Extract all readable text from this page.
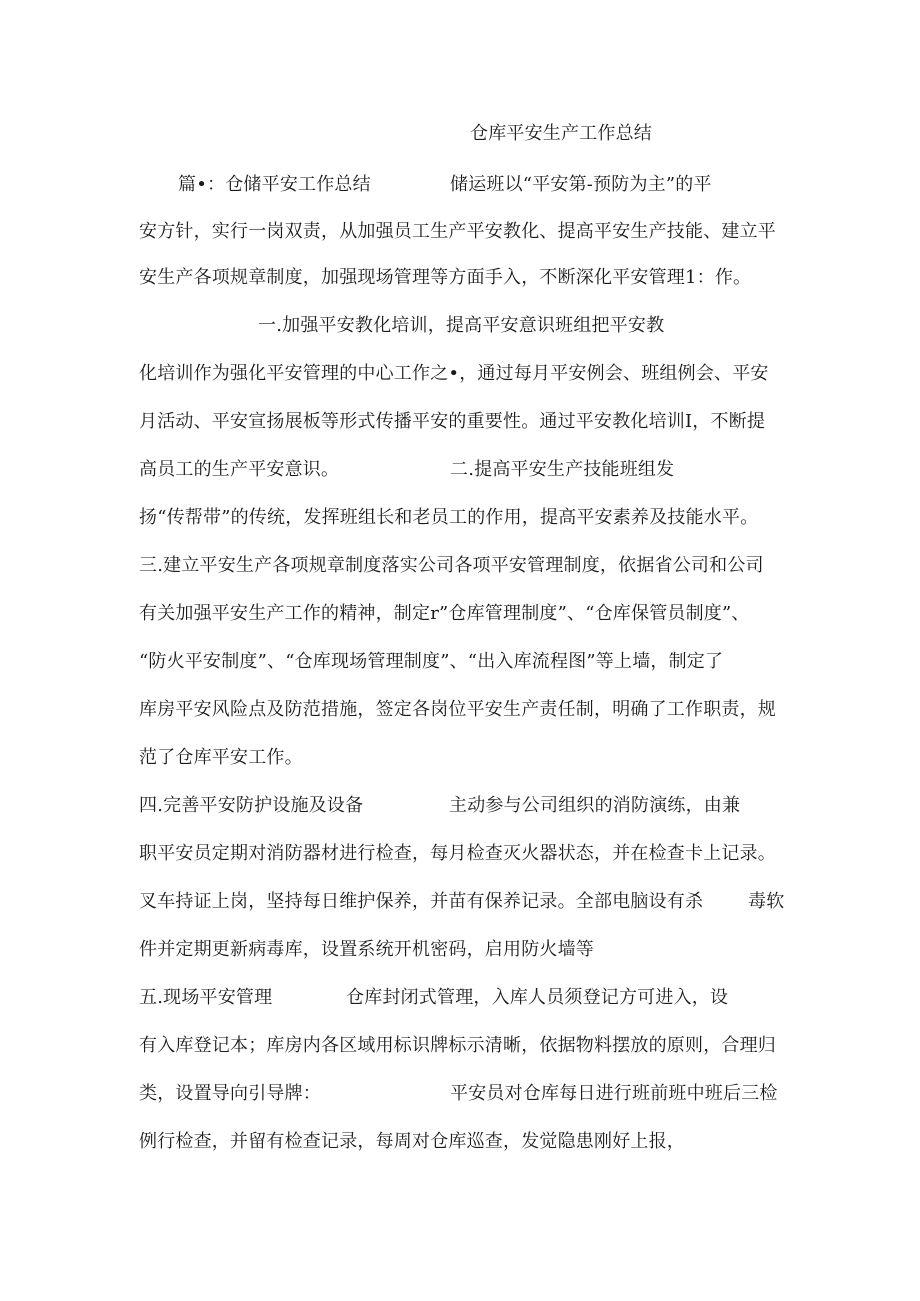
仓库平安生产工作总结

篇•：仓储平安工作总结	储运班以“平安第-预防为主”的平

安方针，实行一岗双责，从加强员工生产平安教化、提高平安生产技能、建立平

安生产各项规章制度，加强现场管理等方面手入，不断深化平安管理1：作。

一.加强平安教化培训，提高平安意识班组把平安教

化培训作为强化平安管理的中心工作之•，通过每月平安例会、班组例会、平安

月活动、平安宣扬展板等形式传播平安的重要性。通过平安教化培训I，不断提

高员工的生产平安意识。	二.提高平安生产技能班组发

扬“传帮带”的传统，发挥班组长和老员工的作用，提高平安素养及技能水平。

三.建立平安生产各项规章制度落实公司各项平安管理制度，依据省公司和公司

有关加强平安生产工作的精神，制定r”仓库管理制度”、“仓库保管员制度”、

“防火平安制度”、“仓库现场管理制度”、“出入库流程图”等上墙，制定了

库房平安风险点及防范措施，签定各岗位平安生产责任制，明确了工作职责，规

范了仓库平安工作。

四.完善平安防护设施及设备	主动参与公司组织的消防演练，由兼

职平安员定期对消防器材进行检查，每月检查灭火器状态，并在检查卡上记录。

叉车持证上岗，坚持每日维护保养，并苗有保养记录。全部电脑设有杀 毒软

件并定期更新病毒库，设置系统开机密码，启用防火墙等

五.现场平安管理	仓库封闭式管理，入库人员须登记方可进入，设

有入库登记本；库房内各区域用标识牌标示清晰，依据物料摆放的原则，合理归

类，设置导向引导牌：	平安员对仓库每日进行班前班中班后三检

例行检查，并留有检查记录，每周对仓库巡查，发觉隐患刚好上报，
